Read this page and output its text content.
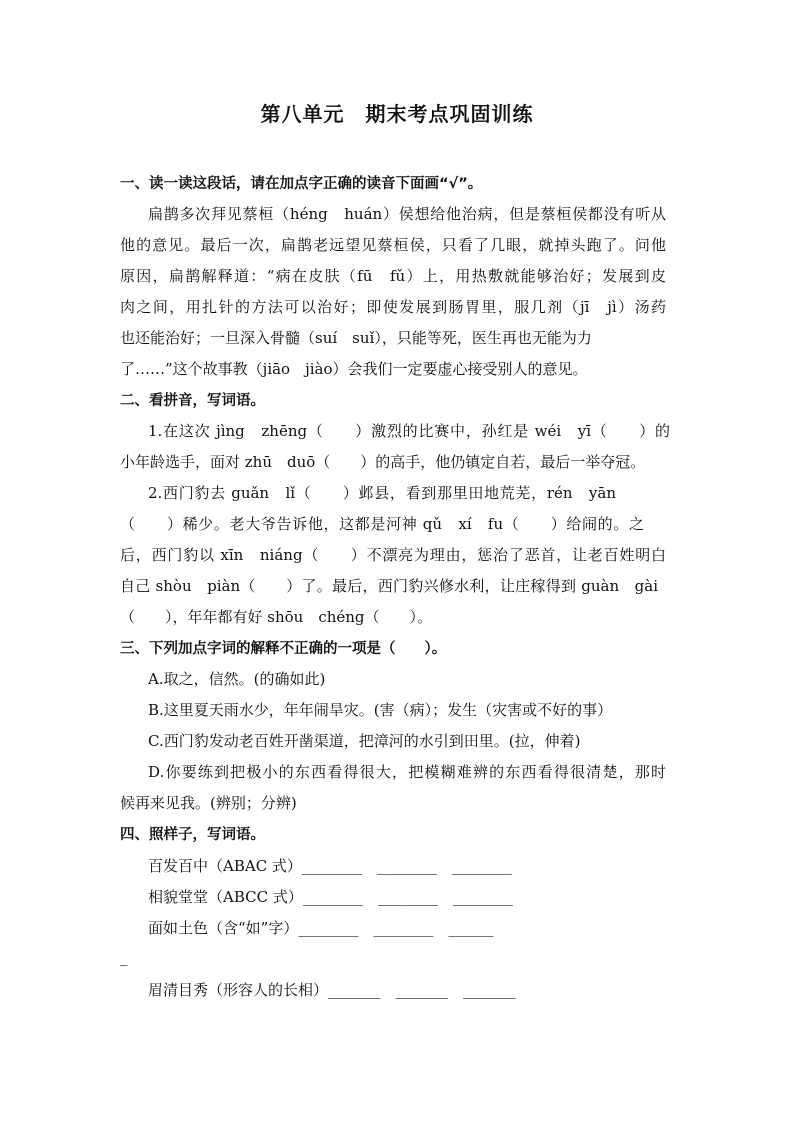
第八单元　期末考点巩固训练
一、读一读这段话，请在加点字正确的读音下面画“√”。
扁鹊多次拜见蔡桓（héng　huán）侯想给他治病，但是蔡桓侯都没有听从
他的意见。最后一次，扁鹊老远望见蔡桓侯，只看了几眼，就掉头跑了。问他
原因，扁鹊解释道：“病在皮肤（fū　fǔ）上，用热敷就能够治好；发展到皮
肉之间，用扎针的方法可以治好；即使发展到肠胃里，服几剂（jī　jì）汤药
也还能治好；一旦深入骨髓（suí　suǐ），只能等死，医生再也无能为力
了……”这个故事教（jiāo　jiào）会我们一定要虚心接受别人的意见。
二、看拼音，写词语。
1.在这次 jìng　zhēng（　　）激烈的比赛中，孙红是 wéi　yī（　　）的
小年龄选手，面对 zhū　duō（　　）的高手，他仍镇定自若，最后一举夺冠。
2.西门豹去 guǎn　lǐ（　　）邺县，看到那里田地荒芜，rén　yān
（　　）稀少。老大爷告诉他，这都是河神 qǔ　xí　fu（　　）给闹的。之
后，西门豹以 xīn　niáng（　　）不漂亮为理由，惩治了恶首，让老百姓明白
自己 shòu　piàn（　　）了。最后，西门豹兴修水利，让庄稼得到 guàn　gài
（　　），年年都有好 shōu　chéng（　　）。
三、下列加点字词的解释不正确的一项是（　　）。
A.取之，信然。(的确如此)
B.这里夏天雨水少，年年闹旱灾。(害（病）；发生（灾害或不好的事）
C.西门豹发动老百姓开凿渠道，把漳河的水引到田里。(拉，伸着)
D.你要练到把极小的东西看得很大，把模糊难辨的东西看得很清楚，那时
候再来见我。(辨别；分辨)
四、照样子，写词语。
百发百中（ABAC 式）________　________　________
相貌堂堂（ABCC 式）________　________　________
面如土色（含“如”字）________　________　______
_
眉清目秀（形容人的长相）_______　_______　_______
